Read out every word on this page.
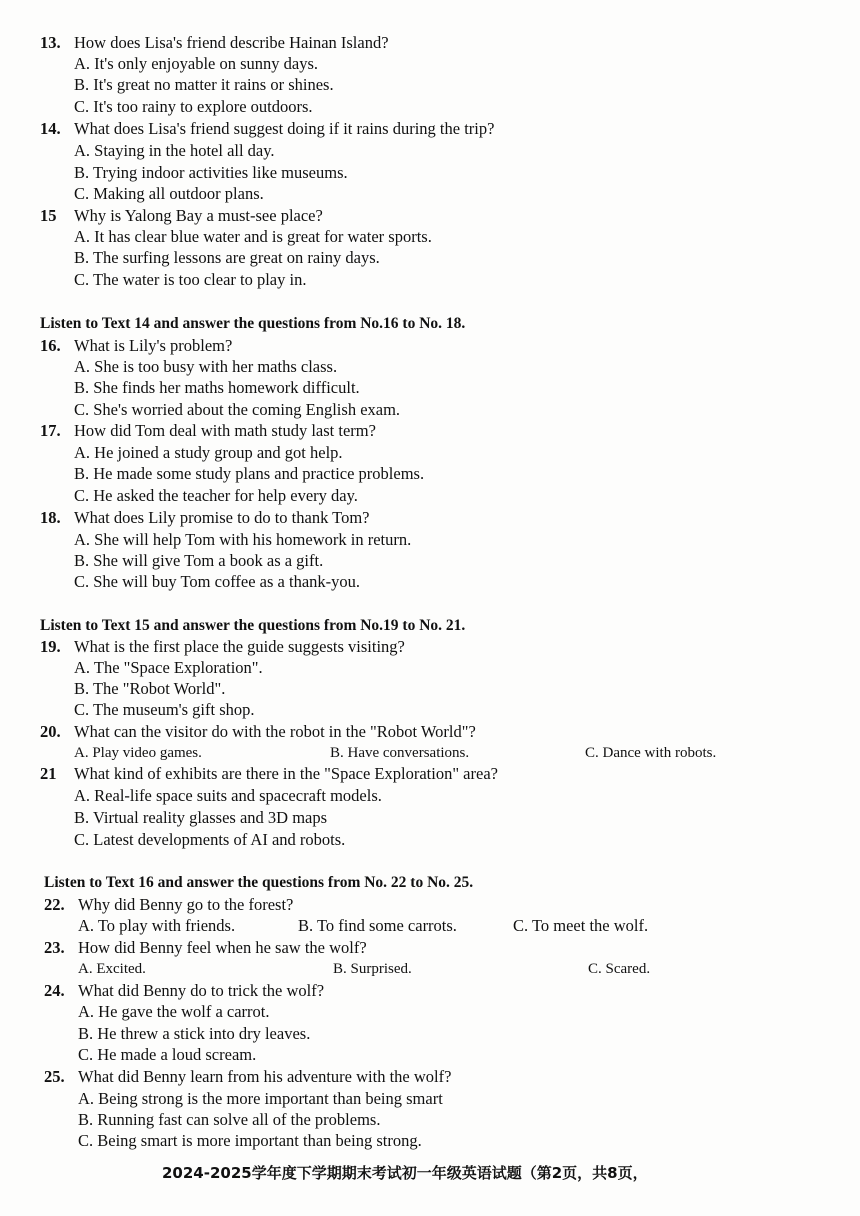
13. How does Lisa's friend describe Hainan Island?
A. It's only enjoyable on sunny days.
B. It's great no matter it rains or shines.
C. It's too rainy to explore outdoors.
14. What does Lisa's friend suggest doing if it rains during the trip?
A. Staying in the hotel all day.
B. Trying indoor activities like museums.
C. Making all outdoor plans.
15 Why is Yalong Bay a must-see place?
A. It has clear blue water and is great for water sports.
B. The surfing lessons are great on rainy days.
C. The water is too clear to play in.
Listen to Text 14 and answer the questions from No.16 to No. 18.
16. What is Lily's problem?
A. She is too busy with her maths class.
B. She finds her maths homework difficult.
C. She's worried about the coming English exam.
17. How did Tom deal with math study last term?
A. He joined a study group and got help.
B. He made some study plans and practice problems.
C. He asked the teacher for help every day.
18. What does Lily promise to do to thank Tom?
A. She will help Tom with his homework in return.
B. She will give Tom a book as a gift.
C. She will buy Tom coffee as a thank-you.
Listen to Text 15 and answer the questions from No.19 to No. 21.
19. What is the first place the guide suggests visiting?
A. The "Space Exploration".
B. The "Robot World".
C. The museum's gift shop.
20. What can the visitor do with the robot in the "Robot World"?
A. Play video games.	B. Have conversations.	C. Dance with robots.
21 What kind of exhibits are there in the "Space Exploration" area?
A. Real-life space suits and spacecraft models.
B. Virtual reality glasses and 3D maps
C. Latest developments of AI and robots.
Listen to Text 16 and answer the questions from No. 22 to No. 25.
22. Why did Benny go to the forest?
A. To play with friends.	B. To find some carrots.	C. To meet the wolf.
23. How did Benny feel when he saw the wolf?
A. Excited.	B. Surprised.	C. Scared.
24. What did Benny do to trick the wolf?
A. He gave the wolf a carrot.
B. He threw a stick into dry leaves.
C. He made a loud scream.
25. What did Benny learn from his adventure with the wolf?
A. Being strong is the more important than being smart
B. Running fast can solve all of the problems.
C. Being smart is more important than being strong.
2024-2025学年度下学期期末考试初一年级英语试题（第2页，共8页，
